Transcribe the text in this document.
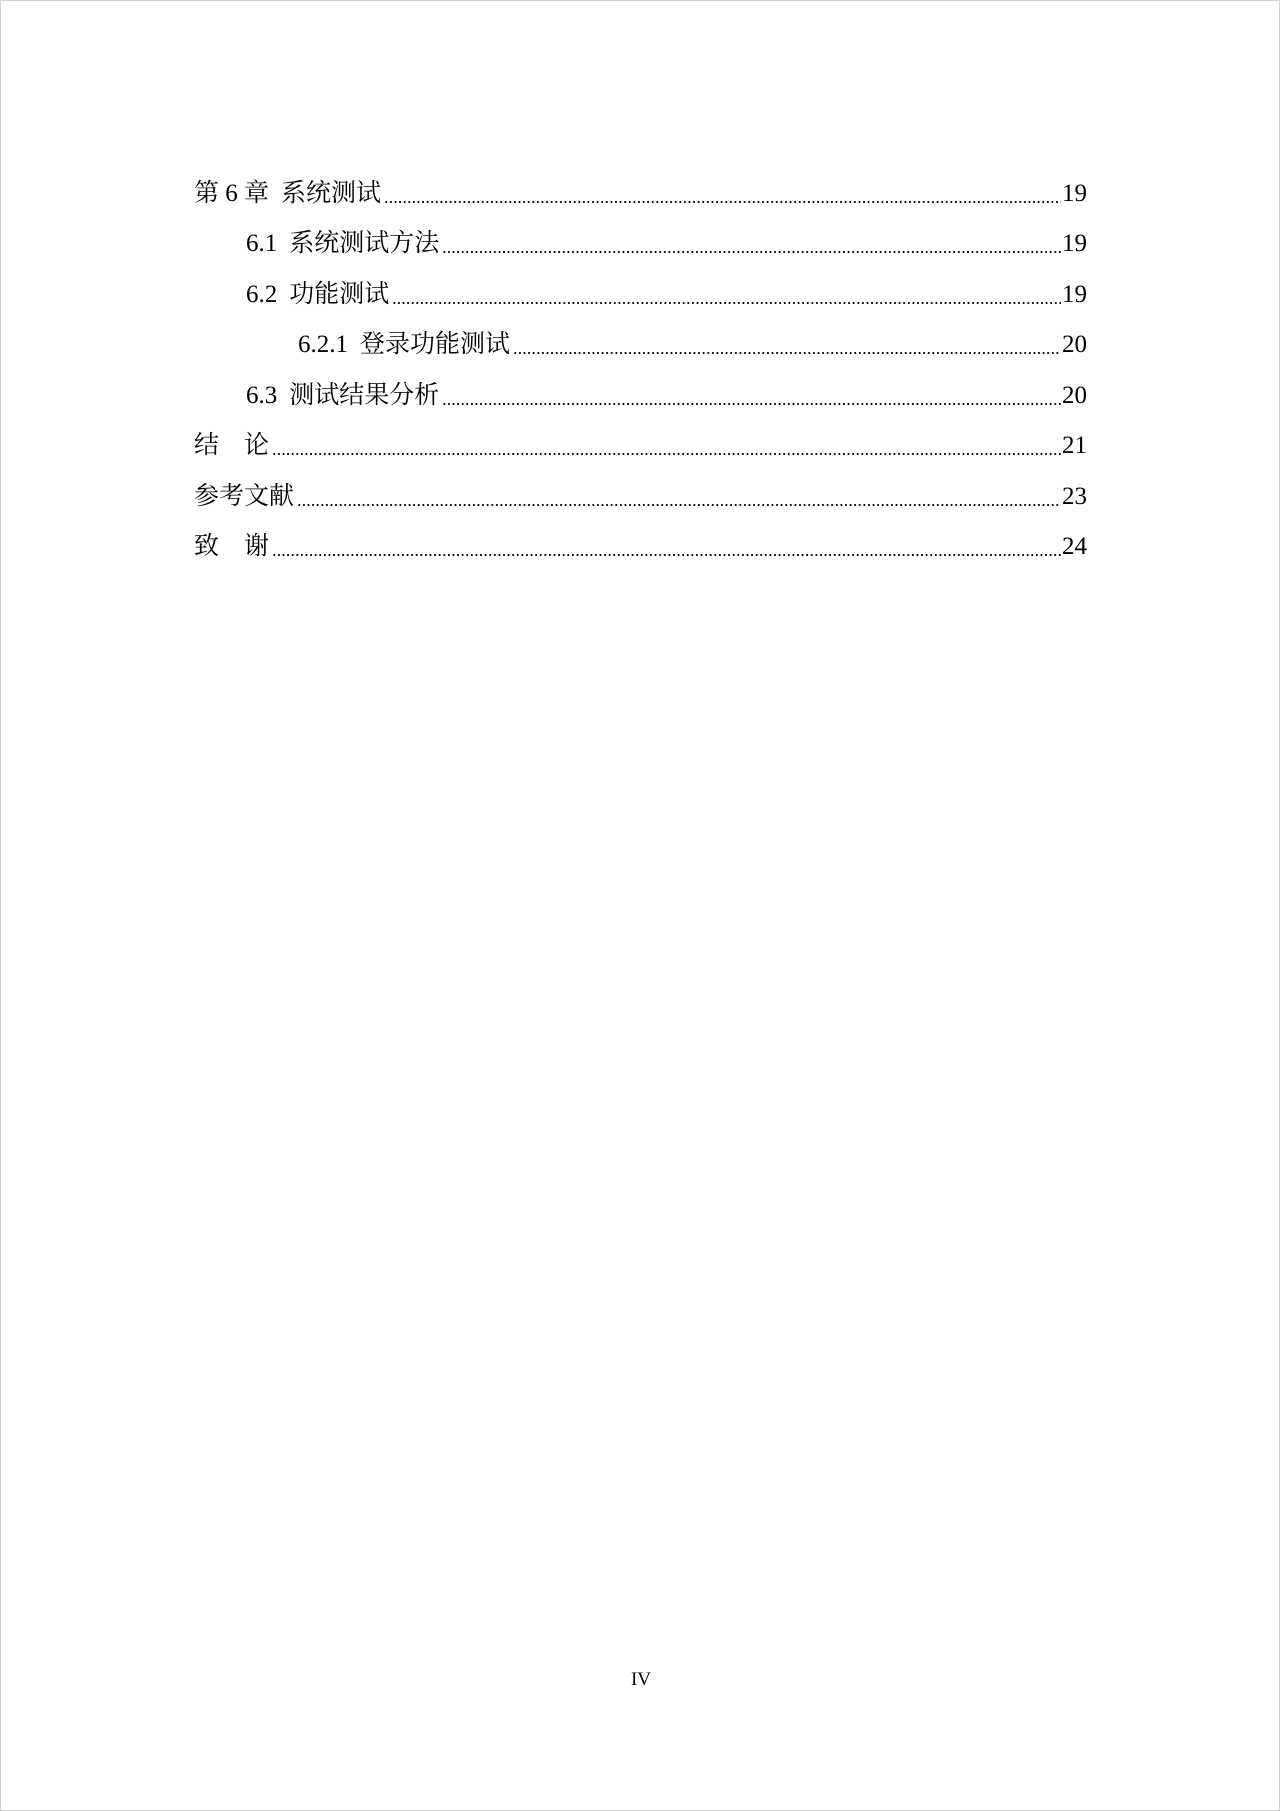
第 6 章 系统测试	19
6.1 系统测试方法	19
6.2 功能测试	19
6.2.1 登录功能测试	20
6.3 测试结果分析	20
结　论	21
参考文献	23
致　谢	24
IV
